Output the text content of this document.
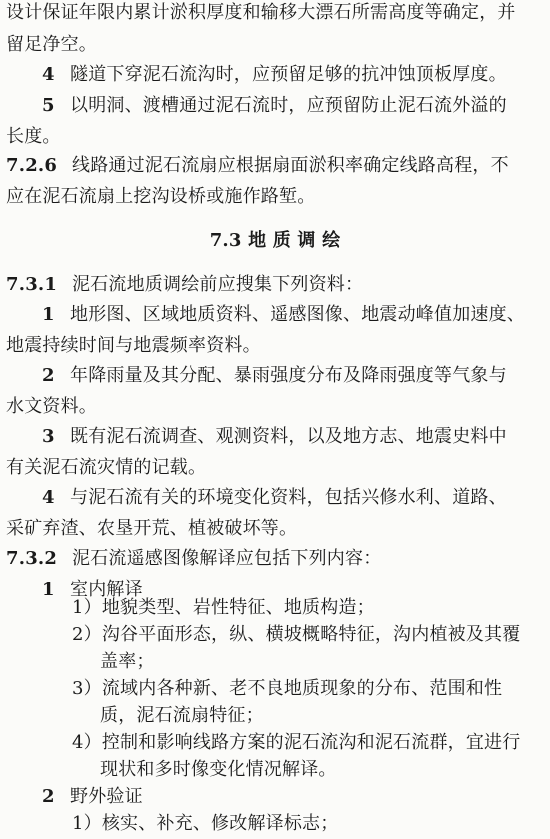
设计保证年限内累计淤积厚度和输移大漂石所需高度等确定，并
留足净空。
4 隧道下穿泥石流沟时，应预留足够的抗冲蚀顶板厚度。
5 以明洞、渡槽通过泥石流时，应预留防止泥石流外溢的
长度。
7.2.6 线路通过泥石流扇应根据扇面淤积率确定线路高程，不
应在泥石流扇上挖沟设桥或施作路堑。
7.3 地 质 调 绘
7.3.1 泥石流地质调绘前应搜集下列资料：
1 地形图、区域地质资料、遥感图像、地震动峰值加速度、
地震持续时间与地震频率资料。
2 年降雨量及其分配、暴雨强度分布及降雨强度等气象与
水文资料。
3 既有泥石流调查、观测资料，以及地方志、地震史料中
有关泥石流灾情的记载。
4 与泥石流有关的环境变化资料，包括兴修水利、道路、
采矿弃渣、农垦开荒、植被破坏等。
7.3.2 泥石流遥感图像解译应包括下列内容：
1 室内解译
1）地貌类型、岩性特征、地质构造；
2）沟谷平面形态，纵、横坡概略特征，沟内植被及其覆
盖率；
3）流域内各种新、老不良地质现象的分布、范围和性
质，泥石流扇特征；
4）控制和影响线路方案的泥石流沟和泥石流群，宜进行
现状和多时像变化情况解译。
2 野外验证
1）核实、补充、修改解译标志；
